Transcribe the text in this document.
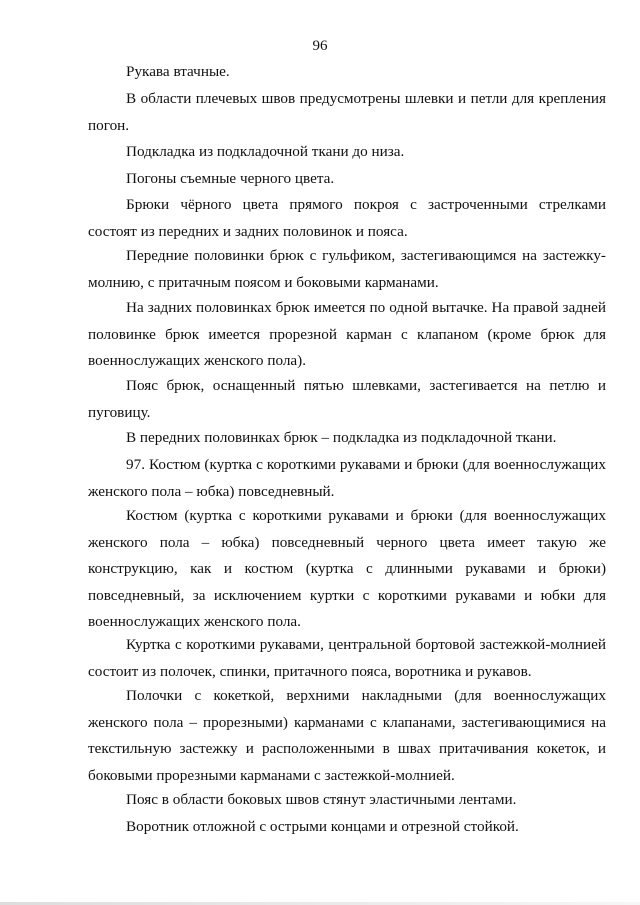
96

Рукава втачные.

В области плечевых швов предусмотрены шлевки и петли для крепления погон.

Подкладка из подкладочной ткани до низа.

Погоны съемные черного цвета.

Брюки чёрного цвета прямого покроя с застроченными стрелками состоят из передних и задних половинок и пояса.

Передние половинки брюк с гульфиком, застегивающимся на застежку-молнию, с притачным поясом и боковыми карманами.

На задних половинках брюк имеется по одной вытачке. На правой задней половинке брюк имеется прорезной карман с клапаном (кроме брюк для военнослужащих женского пола).

Пояс брюк, оснащенный пятью шлевками, застегивается на петлю и пуговицу.

В передних половинках брюк – подкладка из подкладочной ткани.

97. Костюм (куртка с короткими рукавами и брюки (для военнослужащих женского пола – юбка) повседневный.

Костюм (куртка с короткими рукавами и брюки (для военнослужащих женского пола – юбка) повседневный черного цвета имеет такую же конструкцию, как и костюм (куртка с длинными рукавами и брюки) повседневный, за исключением куртки с короткими рукавами и юбки для военнослужащих женского пола.

Куртка с короткими рукавами, центральной бортовой застежкой-молнией состоит из полочек, спинки, притачного пояса, воротника и рукавов.

Полочки с кокеткой, верхними накладными (для военнослужащих женского пола – прорезными) карманами с клапанами, застегивающимися на текстильную застежку и расположенными в швах притачивания кокеток, и боковыми прорезными карманами с застежкой-молнией.

Пояс в области боковых швов стянут эластичными лентами.

Воротник отложной с острыми концами и отрезной стойкой.
